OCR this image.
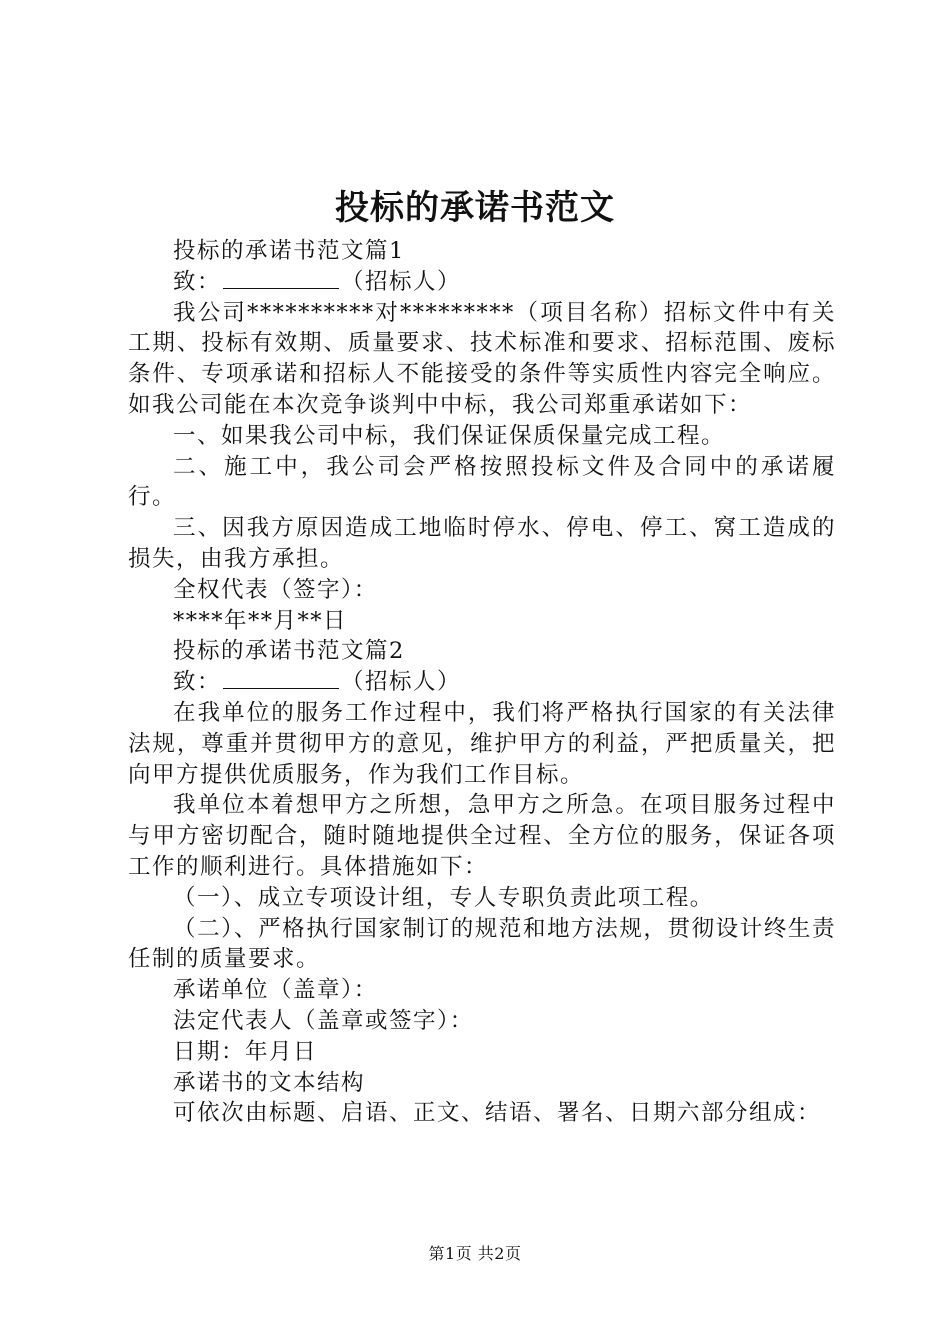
投标的承诺书范文

投标的承诺书范文篇1

致：	（招标人）

我公司**********对*********（项目名称）招标文件中有关工期、投标有效期、质量要求、技术标准和要求、招标范围、废标条件、专项承诺和招标人不能接受的条件等实质性内容完全响应。如我公司能在本次竞争谈判中中标，我公司郑重承诺如下：

一、如果我公司中标，我们保证保质保量完成工程。

二、施工中，我公司会严格按照投标文件及合同中的承诺履行。

三、因我方原因造成工地临时停水、停电、停工、窝工造成的损失，由我方承担。

全权代表（签字）：

****年**月**日

投标的承诺书范文篇2

致：	（招标人）

在我单位的服务工作过程中，我们将严格执行国家的有关法律法规，尊重并贯彻甲方的意见，维护甲方的利益，严把质量关，把向甲方提供优质服务，作为我们工作目标。

我单位本着想甲方之所想，急甲方之所急。在项目服务过程中与甲方密切配合，随时随地提供全过程、全方位的服务，保证各项工作的顺利进行。具体措施如下：

（一）、成立专项设计组，专人专职负责此项工程。

（二）、严格执行国家制订的规范和地方法规，贯彻设计终生责任制的质量要求。

承诺单位（盖章）：

法定代表人（盖章或签字）：

日期：年月日

承诺书的文本结构

可依次由标题、启语、正文、结语、署名、日期六部分组成：

第1页 共2页
